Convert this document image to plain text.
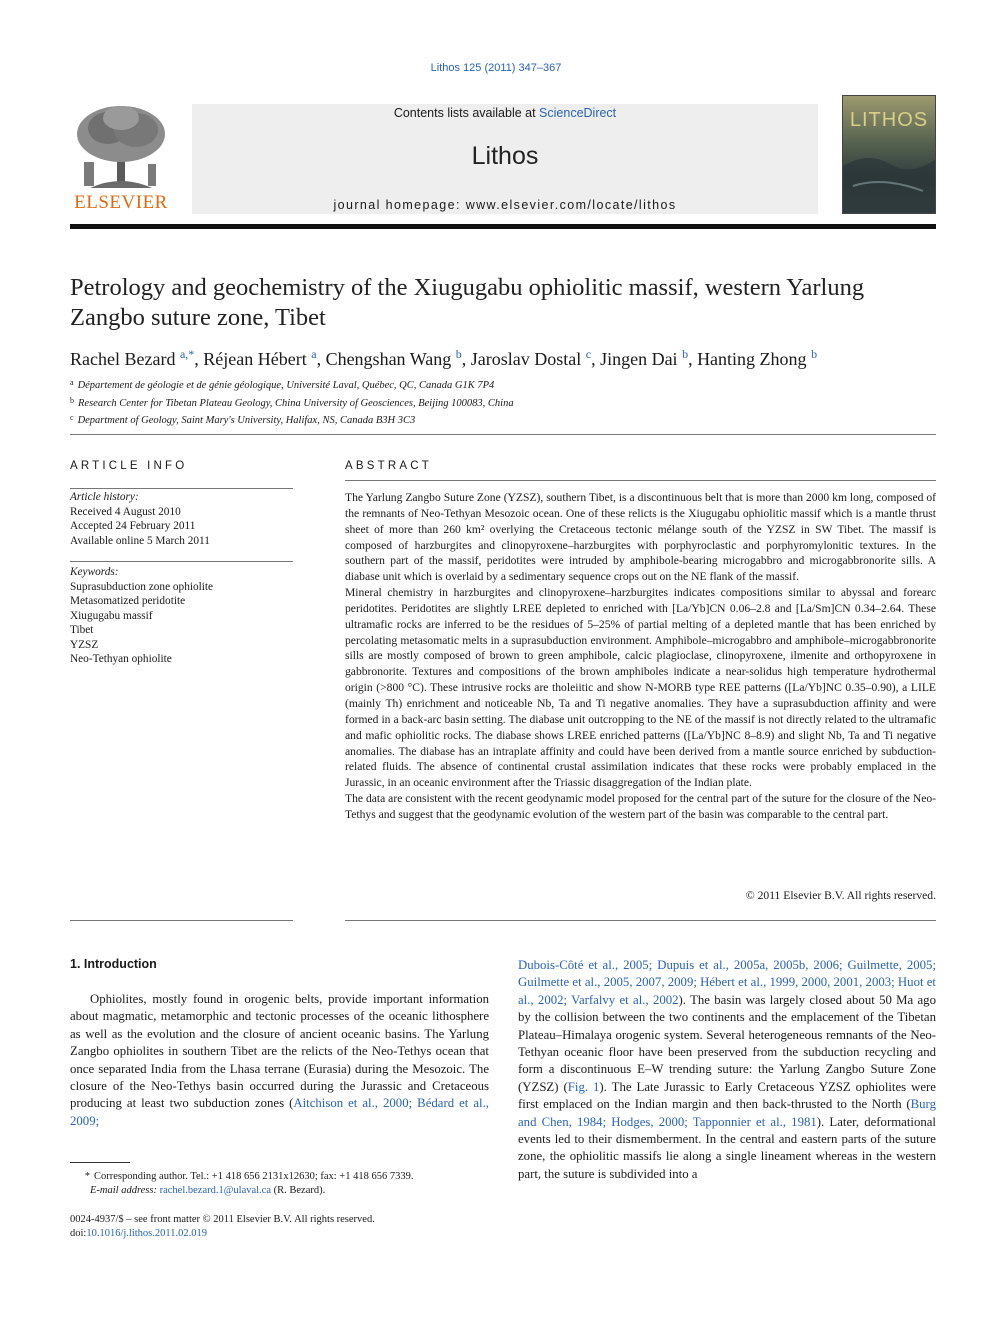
Lithos 125 (2011) 347–367
ELSEVIER
Contents lists available at ScienceDirect
Lithos
journal homepage: www.elsevier.com/locate/lithos
LITHOS
Petrology and geochemistry of the Xiugugabu ophiolitic massif, western Yarlung Zangbo suture zone, Tibet
Rachel Bezard $^{a,*}$, Réjean Hébert $^a$, Chengshan Wang $^b$, Jaroslav Dostal $^c$, Jingen Dai $^b$, Hanting Zhong $^b$
$^a$ Département de géologie et de génie géologique, Université Laval, Québec, QC, Canada G1K 7P4
$^b$ Research Center for Tibetan Plateau Geology, China University of Geosciences, Beijing 100083, China
$^c$ Department of Geology, Saint Mary's University, Halifax, NS, Canada B3H 3C3
ARTICLE INFO
Article history:
Received 4 August 2010
Accepted 24 February 2011
Available online 5 March 2011
Keywords:
Suprasubduction zone ophiolite
Metasomatized peridotite
Xiugugabu massif
Tibet
YZSZ
Neo-Tethyan ophiolite
ABSTRACT

The Yarlung Zangbo Suture Zone (YZSZ), southern Tibet, is a discontinuous belt that is more than 2000 km long, composed of the remnants of Neo-Tethyan Mesozoic ocean. One of these relicts is the Xiugugabu ophiolitic massif which is a mantle thrust sheet of more than 260 km² overlying the Cretaceous tectonic mélange south of the YZSZ in SW Tibet. The massif is composed of harzburgites and clinopyroxene–harzburgites with porphyroclastic and porphyromylonitic textures. In the southern part of the massif, peridotites were intruded by amphibole-bearing microgabbro and microgabbronorite sills. A diabase unit which is overlaid by a sedimentary sequence crops out on the NE flank of the massif.

Mineral chemistry in harzburgites and clinopyroxene–harzburgites indicates compositions similar to abyssal and forearc peridotites. Peridotites are slightly LREE depleted to enriched with [La/Yb]CN 0.06–2.8 and [La/Sm]CN 0.34–2.64. These ultramafic rocks are inferred to be the residues of 5–25% of partial melting of a depleted mantle that has been enriched by percolating metasomatic melts in a suprasubduction environment. Amphibole–microgabbro and amphibole–microgabbronorite sills are mostly composed of brown to green amphibole, calcic plagioclase, clinopyroxene, ilmenite and orthopyroxene in gabbronorite. Textures and compositions of the brown amphiboles indicate a near-solidus high temperature hydrothermal origin (>800 °C). These intrusive rocks are tholeiitic and show N-MORB type REE patterns ([La/Yb]NC 0.35–0.90), a LILE (mainly Th) enrichment and noticeable Nb, Ta and Ti negative anomalies. They have a suprasubduction affinity and were formed in a back-arc basin setting. The diabase unit outcropping to the NE of the massif is not directly related to the ultramafic and mafic ophiolitic rocks. The diabase shows LREE enriched patterns ([La/Yb]NC 8–8.9) and slight Nb, Ta and Ti negative anomalies. The diabase has an intraplate affinity and could have been derived from a mantle source enriched by subduction-related fluids. The absence of continental crustal assimilation indicates that these rocks were probably emplaced in the Jurassic, in an oceanic environment after the Triassic disaggregation of the Indian plate.

The data are consistent with the recent geodynamic model proposed for the central part of the suture for the closure of the Neo-Tethys and suggest that the geodynamic evolution of the western part of the basin was comparable to the central part.

© 2011 Elsevier B.V. All rights reserved.
1. Introduction

Ophiolites, mostly found in orogenic belts, provide important information about magmatic, metamorphic and tectonic processes of the oceanic lithosphere as well as the evolution and the closure of ancient oceanic basins. The Yarlung Zangbo ophiolites in southern Tibet are the relicts of the Neo-Tethys ocean that once separated India from the Lhasa terrane (Eurasia) during the Mesozoic. The closure of the Neo-Tethys basin occurred during the Jurassic and Cretaceous producing at least two subduction zones (Aitchison et al., 2000; Bédard et al., 2009;

Dubois-Côté et al., 2005; Dupuis et al., 2005a, 2005b, 2006; Guilmette, 2005; Guilmette et al., 2005, 2007, 2009; Hébert et al., 1999, 2000, 2001, 2003; Huot et al., 2002; Varfalvy et al., 2002). The basin was largely closed about 50 Ma ago by the collision between the two continents and the emplacement of the Tibetan Plateau–Himalaya orogenic system. Several heterogeneous remnants of the Neo-Tethyan oceanic floor have been preserved from the subduction recycling and form a discontinuous E–W trending suture: the Yarlung Zangbo Suture Zone (YZSZ) (Fig. 1). The Late Jurassic to Early Cretaceous YZSZ ophiolites were first emplaced on the Indian margin and then back-thrusted to the North (Burg and Chen, 1984; Hodges, 2000; Tapponnier et al., 1981). Later, deformational events led to their dismemberment. In the central and eastern parts of the suture zone, the ophiolitic massifs lie along a single lineament whereas in the western part, the suture is subdivided into a

* Corresponding author. Tel.: +1 418 656 2131x12630; fax: +1 418 656 7339.
E-mail address: rachel.bezard.1@ulaval.ca (R. Bezard).
0024-4937/$ – see front matter © 2011 Elsevier B.V. All rights reserved.
doi:10.1016/j.lithos.2011.02.019
